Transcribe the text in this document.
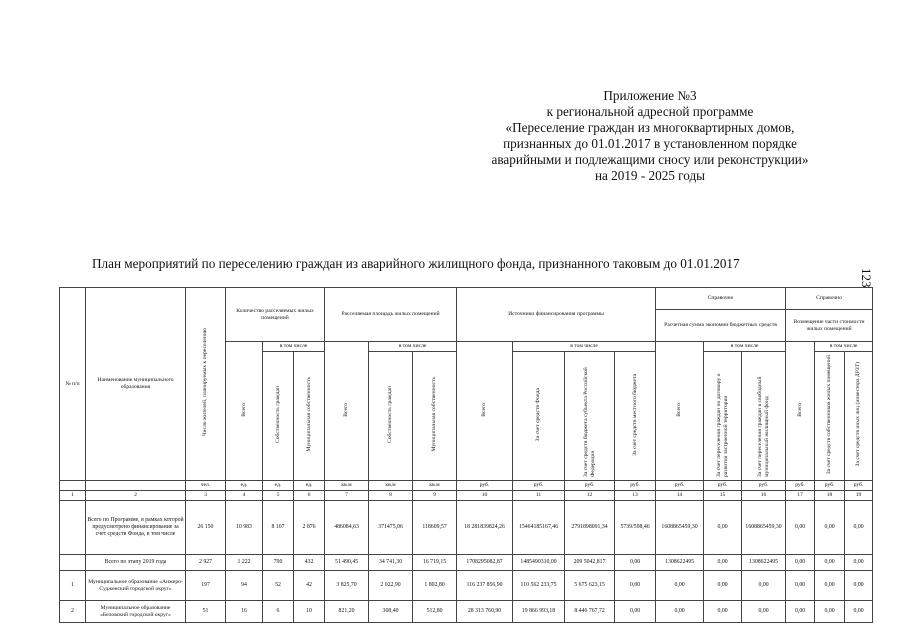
Приложение №3
к региональной адресной программе
«Переселение граждан из многоквартирных домов,
признанных до 01.01.2017 в установленном порядке
аварийными и подлежащими сносу или реконструкции»
на 2019 - 2025 годы
123
План мероприятий по переселению граждан из аварийного жилищного фонда, признанного таковым до 01.01.2017
№ п/п	Наименование муниципального образования	Число жителей, планируемых к переселению	Количество расселяемых жилых помещений			Расселяемая площадь жилых помещений			Источники финансирования программы				Справочно			Справочно		
													Расчетная сумма экономии бюджетных средств			Возмещение части стоимости жилых помещений		
			Всего	в том числе		Всего	в том числе		Всего	в том числе			Всего	в том числе		Всего	в том числе	
				Собственность граждан	Муниципальная собственность		Собственность граждан	Муниципальная собственность		За счет средств Фонда	За счет средств бюджета субъекта Российской Федерации	За счет средств местного бюджета		За счет переселения граждан по договору о развитии застроенной территории	За счет переселения граждан в свободный муниципальный жилищный фонд		За счет средств собственников жилых помещений	За счет средств иных лиц (инвестора ДРЗТ)
		чел.	ед.	ед.	ед.	кв.м	кв.м	кв.м	руб.	руб.	руб.	руб.	руб.	руб.	руб.	руб.	руб.	руб.
1	2	3	4	5	6	7	8	9	10	11	12	13	14	15	16	17	18	19
	Всего по Программе, в рамках которой предусмотрено финансирование за счет средств Фонда, в том числе	26 150	10 983	8 107	2 876	486084,63	371475,06	118609,57	18 281839824,26	15464185167,46	2791898091,34	5739/598,46	1608865459,30	0,00	1608865459,30	0,00	0,00	0,00
	Всего по этапу 2019 года	2 927	1 222	790	432	51 490,45	34 741,30	16 719,15	1708295082,87	1485490310,00	209 5042,817	0,00	1308622495	0,00	1308622495	0,00	0,00	0,00
1	Муниципальное образование «Анжеро-Судженский городской округ»	197	94	52	42	3 825,70	2 022,90	1 802,80	116 237 856,90	110 562 233,75	5 675 623,15	0,00	0,00	0,00	0,00	0,00	0,00	0,00
2	Муниципальное образование «Беловский городской округ»	51	16	6	10	821,20	308,40	512,80	28 313 760,90	19 866 993,18	8 446 767,72	0,00	0,00	0,00	0,00	0,00	0,00	0,00
